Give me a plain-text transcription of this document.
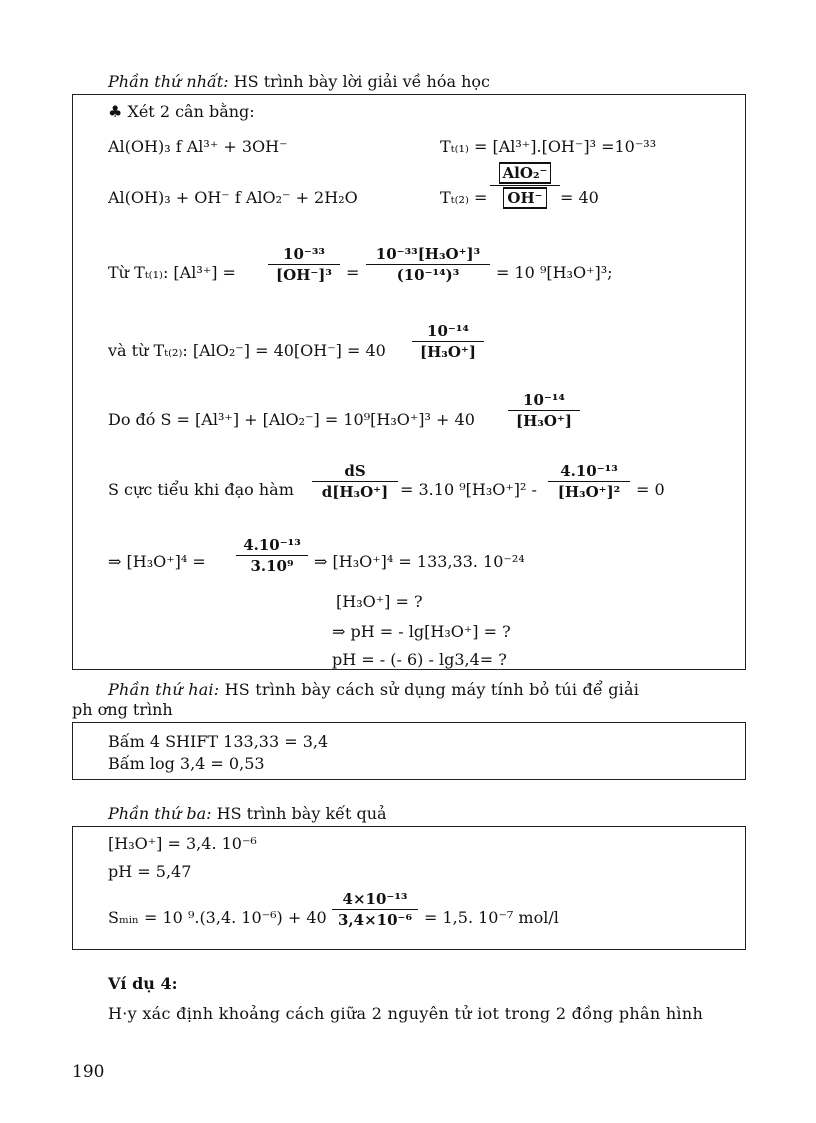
Phần thứ nhất: HS trình bày lời giải về hóa học
♣ Xét 2 cân bằng:
Al(OH)₃ f Al³⁺ + 3OH⁻	Tₜ₍₁₎ = [Al³⁺].[OH⁻]³ =10⁻³³
Al(OH)₃ + OH⁻ f AlO₂⁻ + 2H₂O	Tₜ₍₂₎ =
AlO₂⁻
OH⁻	= 40
Từ Tₜ₍₁₎: [Al³⁺] =
10⁻³³
[OH⁻]³ =
10⁻³³[H₃O⁺]³
(10⁻¹⁴)³	= 10 ⁹[H₃O⁺]³;
và từ Tₜ₍₂₎: [AlO₂⁻] = 40[OH⁻] = 40
10⁻¹⁴
[H₃O⁺]
Do đó S = [Al³⁺] + [AlO₂⁻] = 10⁹[H₃O⁺]³ + 40
10⁻¹⁴
[H₃O⁺]
S cực tiểu khi đạo hàm
dS
d[H₃O⁺] = 3.10 ⁹[H₃O⁺]² -
4.10⁻¹³
[H₃O⁺]² = 0
⇒ [H₃O⁺]⁴ =
4.10⁻¹³
3.10⁹	⇒ [H₃O⁺]⁴ = 133,33. 10⁻²⁴
[H₃O⁺] = ?
⇒ pH = - lg[H₃O⁺] = ?
pH = - (- 6) - lg3,4= ?
Phần thứ hai: HS trình bày cách sử dụng máy tính bỏ túi để giải
ph ơng trình
Bấm 4 SHIFT 133,33 = 3,4
Bấm log 3,4 = 0,53
Phần thứ ba: HS trình bày kết quả
[H₃O⁺] = 3,4. 10⁻⁶
pH = 5,47
Sₘᵢₙ = 10 ⁹.(3,4. 10⁻⁶) + 40
4×10⁻¹³
3,4×10⁻⁶ = 1,5. 10⁻⁷ mol/l
Ví dụ 4:
H·y xác định khoảng cách giữa 2 nguyên tử iot trong 2 đồng phân hình
190
